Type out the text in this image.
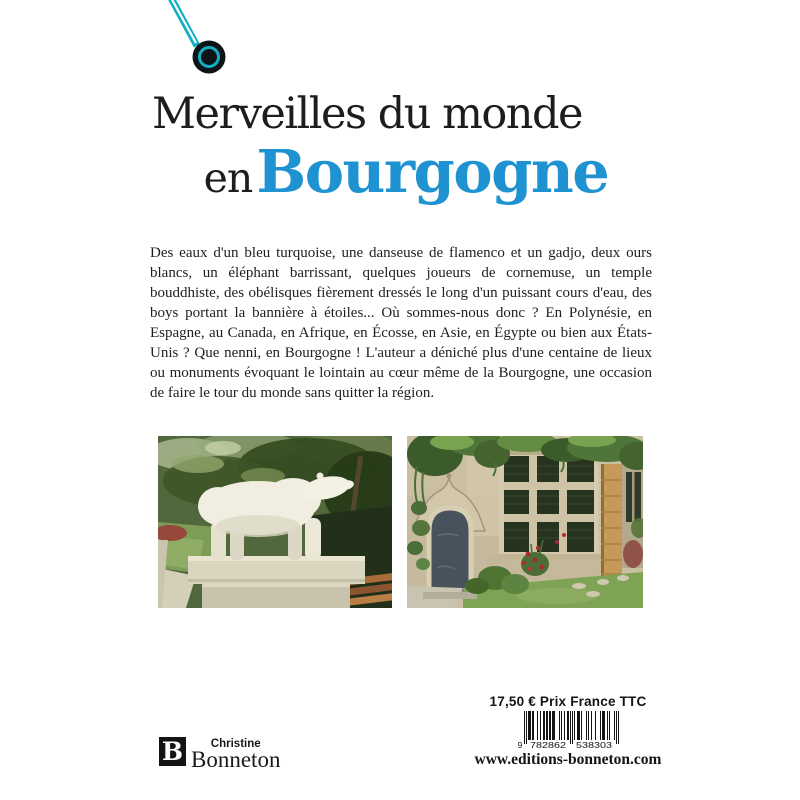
Merveilles du monde
en Bourgogne

Des eaux d'un bleu turquoise, une danseuse de flamenco et un gadjo, deux ours blancs, un éléphant barrissant, quelques joueurs de cornemuse, un temple bouddhiste, des obélisques fièrement dressés le long d'un puissant cours d'eau, des boys portant la bannière à étoiles... Où sommes-nous donc ? En Polynésie, en Espagne, au Canada, en Afrique, en Écosse, en Asie, en Égypte ou bien aux États-Unis ? Que nenni, en Bourgogne ! L'auteur a déniché plus d'une centaine de lieux ou monuments évoquant le lointain au cœur même de la Bourgogne, une occasion de faire le tour du monde sans quitter la région.

17,50 € Prix France TTC
9 782862 538303
www.editions-bonneton.com
B	Christine
Bonneton
